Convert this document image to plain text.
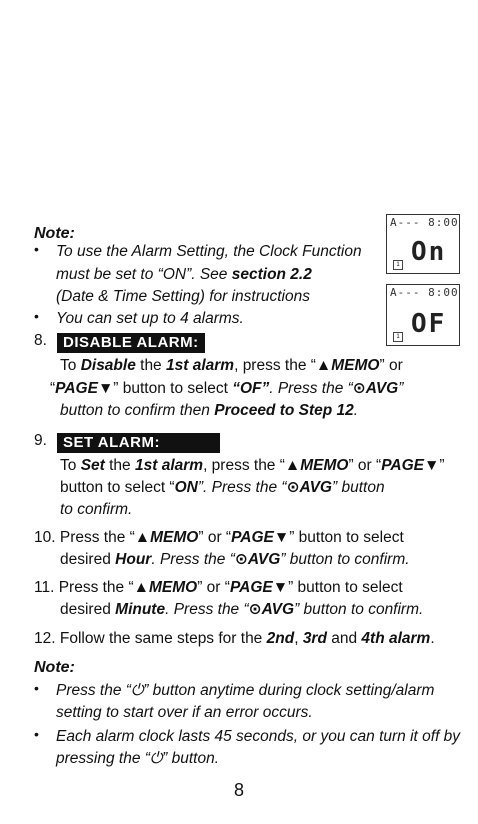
Note:
• To use the Alarm Setting, the Clock Function
must be set to “ON”. See section 2.2
(Date & Time Setting) for instructions
• You can set up to 4 alarms.
A--- 8:00
On
1
A--- 8:00
OF
1
8.	DISABLE ALARM:
To Disable the 1st alarm, press the “▲MEMO” or
“PAGE▼” button to select “OF”. Press the “⊙AVG”
button to confirm then Proceed to Step 12.
9.	SET ALARM:
To Set the 1st alarm, press the “▲MEMO” or “PAGE▼”
button to select “ON”. Press the “⊙AVG” button
to confirm.
10. Press the “▲MEMO” or “PAGE▼” button to select
desired Hour. Press the “⊙AVG” button to confirm.
11. Press the “▲MEMO” or “PAGE▼” button to select
desired Minute. Press the “⊙AVG” button to confirm.
12. Follow the same steps for the 2nd, 3rd and 4th alarm.
Note:
• Press the “⏻” button anytime during clock setting/alarm
setting to start over if an error occurs.
• Each alarm clock lasts 45 seconds, or you can turn it off by
pressing the “⏻” button.
8
